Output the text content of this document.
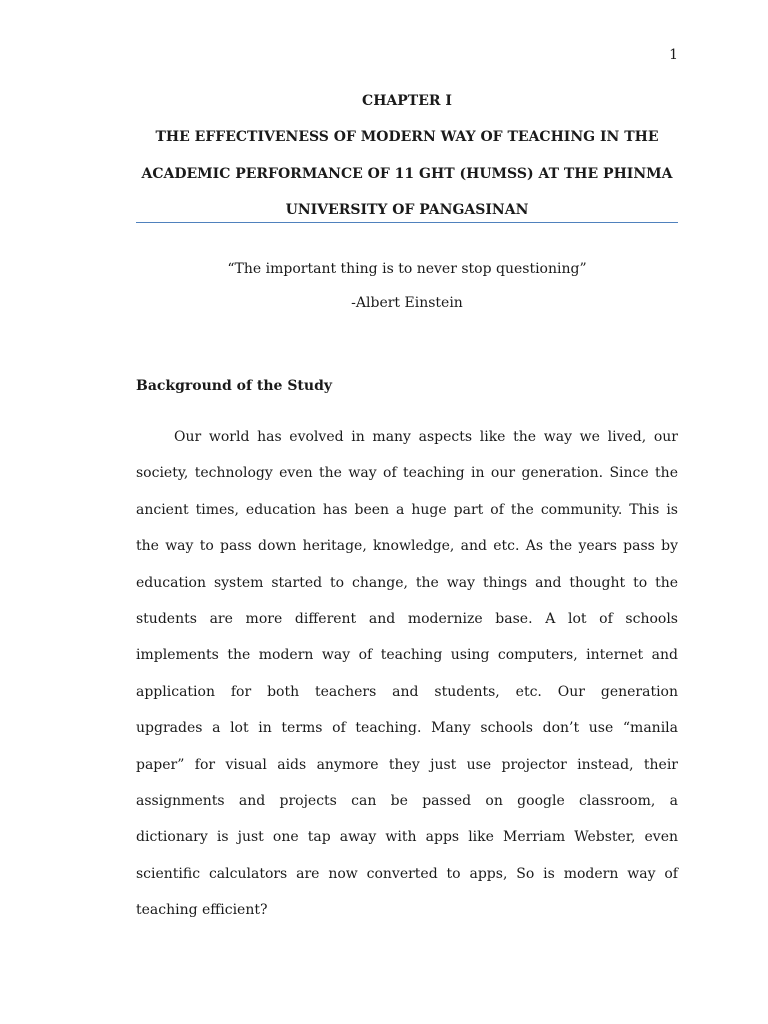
1
CHAPTER I
THE EFFECTIVENESS OF MODERN WAY OF TEACHING IN THE
ACADEMIC PERFORMANCE OF 11 GHT (HUMSS) AT THE PHINMA
UNIVERSITY OF PANGASINAN
“The important thing is to never stop questioning”
-Albert Einstein
Background of the Study
Our world has evolved in many aspects like the way we lived, our
society, technology even the way of teaching in our generation. Since the
ancient times, education has been a huge part of the community. This is
the way to pass down heritage, knowledge, and etc. As the years pass by
education system started to change, the way things and thought to the
students are more different and modernize base. A lot of schools
implements the modern way of teaching using computers, internet and
application for both teachers and students, etc. Our generation
upgrades a lot in terms of teaching. Many schools don’t use “manila
paper” for visual aids anymore they just use projector instead, their
assignments and projects can be passed on google classroom, a
dictionary is just one tap away with apps like Merriam Webster, even
scientific calculators are now converted to apps, So is modern way of
teaching efficient?
